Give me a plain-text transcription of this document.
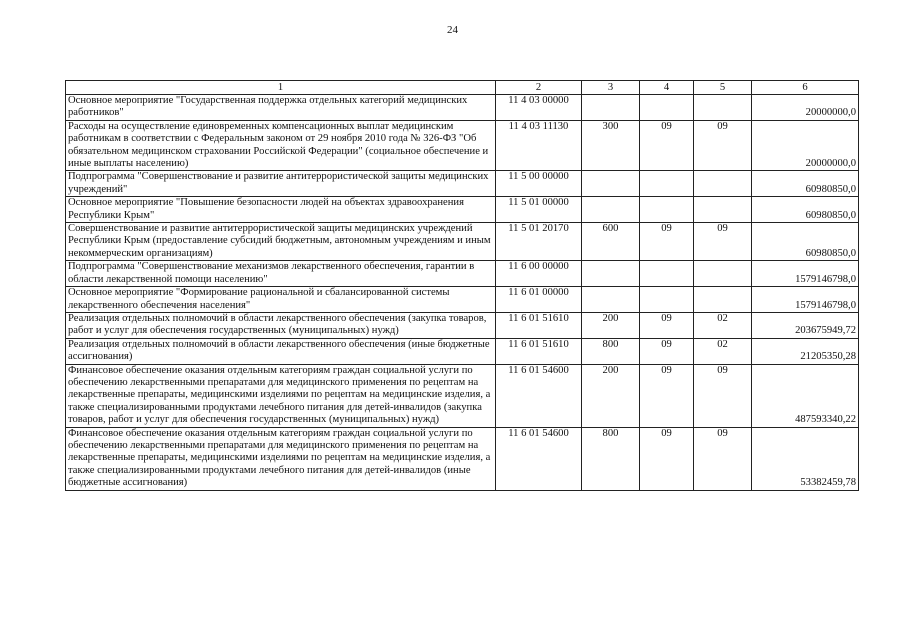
24
1	2	3	4	5	6
Основное мероприятие "Государственная поддержка отдельных категорий медицинских работников"	11 4 03 00000				20000000,0
Расходы на осуществление единовременных компенсационных выплат медицинским работникам в соответствии с Федеральным законом от 29 ноября 2010 года № 326-ФЗ "Об обязательном медицинском страховании Российской Федерации" (социальное обеспечение и иные выплаты населению)	11 4 03 11130	300	09	09	20000000,0
Подпрограмма "Совершенствование и развитие антитеррористической защиты медицинских учреждений"	11 5 00 00000				60980850,0
Основное мероприятие "Повышение безопасности людей на объектах здравоохранения Республики Крым"	11 5 01 00000				60980850,0
Совершенствование и развитие антитеррористической защиты медицинских учреждений Республики Крым (предоставление субсидий бюджетным, автономным учреждениям и иным некоммерческим организациям)	11 5 01 20170	600	09	09	60980850,0
Подпрограмма "Совершенствование механизмов лекарственного обеспечения, гарантии в области лекарственной помощи населению"	11 6 00 00000				1579146798,0
Основное мероприятие "Формирование рациональной и сбалансированной системы лекарственного обеспечения населения"	11 6 01 00000				1579146798,0
Реализация отдельных полномочий в области лекарственного обеспечения (закупка товаров, работ и услуг для обеспечения государственных (муниципальных) нужд)	11 6 01 51610	200	09	02	203675949,72
Реализация отдельных полномочий в области лекарственного обеспечения (иные бюджетные ассигнования)	11 6 01 51610	800	09	02	21205350,28
Финансовое обеспечение оказания отдельным категориям граждан социальной услуги по обеспечению лекарственными препаратами для медицинского применения по рецептам на лекарственные препараты, медицинскими изделиями по рецептам на медицинские изделия, а также специализированными продуктами лечебного питания для детей-инвалидов (закупка товаров, работ и услуг для обеспечения государственных (муниципальных) нужд)	11 6 01 54600	200	09	09	487593340,22
Финансовое обеспечение оказания отдельным категориям граждан социальной услуги по обеспечению лекарственными препаратами для медицинского применения по рецептам на лекарственные препараты, медицинскими изделиями по рецептам на медицинские изделия, а также специализированными продуктами лечебного питания для детей-инвалидов (иные бюджетные ассигнования)	11 6 01 54600	800	09	09	53382459,78
